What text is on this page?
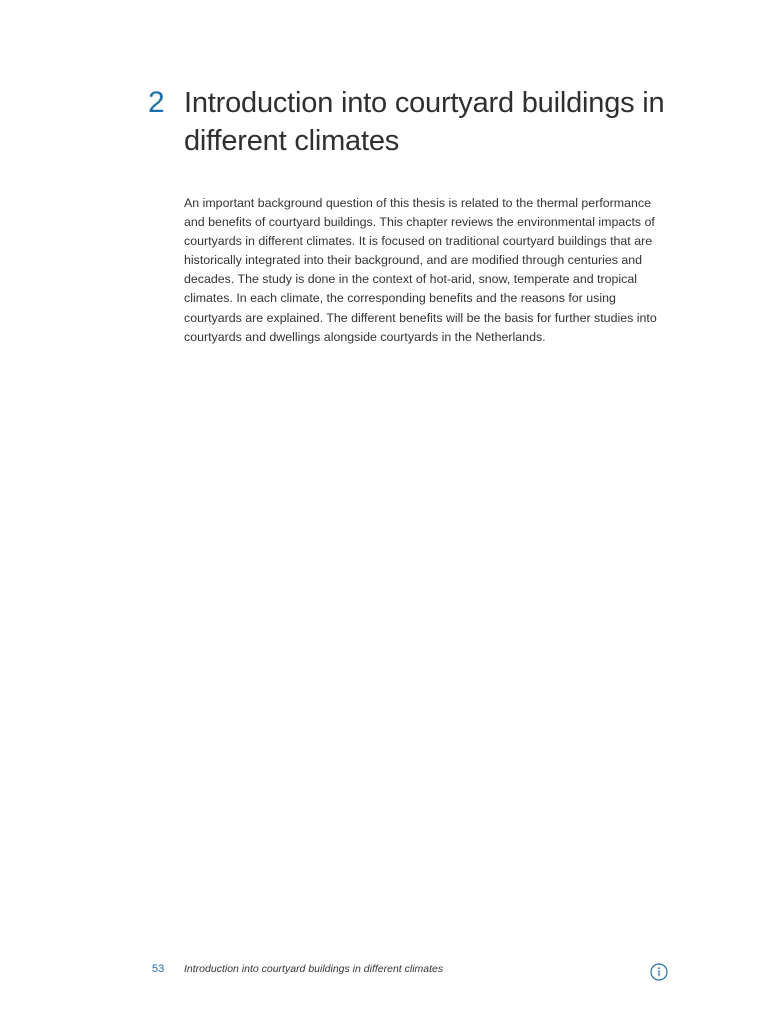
2 Introduction into courtyard buildings in different climates

An important background question of this thesis is related to the thermal performance and benefits of courtyard buildings. This chapter reviews the environmental impacts of courtyards in different climates. It is focused on traditional courtyard buildings that are historically integrated into their background, and are modified through centuries and decades. The study is done in the context of hot-arid, snow, temperate and tropical climates. In each climate, the corresponding benefits and the reasons for using courtyards are explained. The different benefits will be the basis for further studies into courtyards and dwellings alongside courtyards in the Netherlands.

53 Introduction into courtyard buildings in different climates
